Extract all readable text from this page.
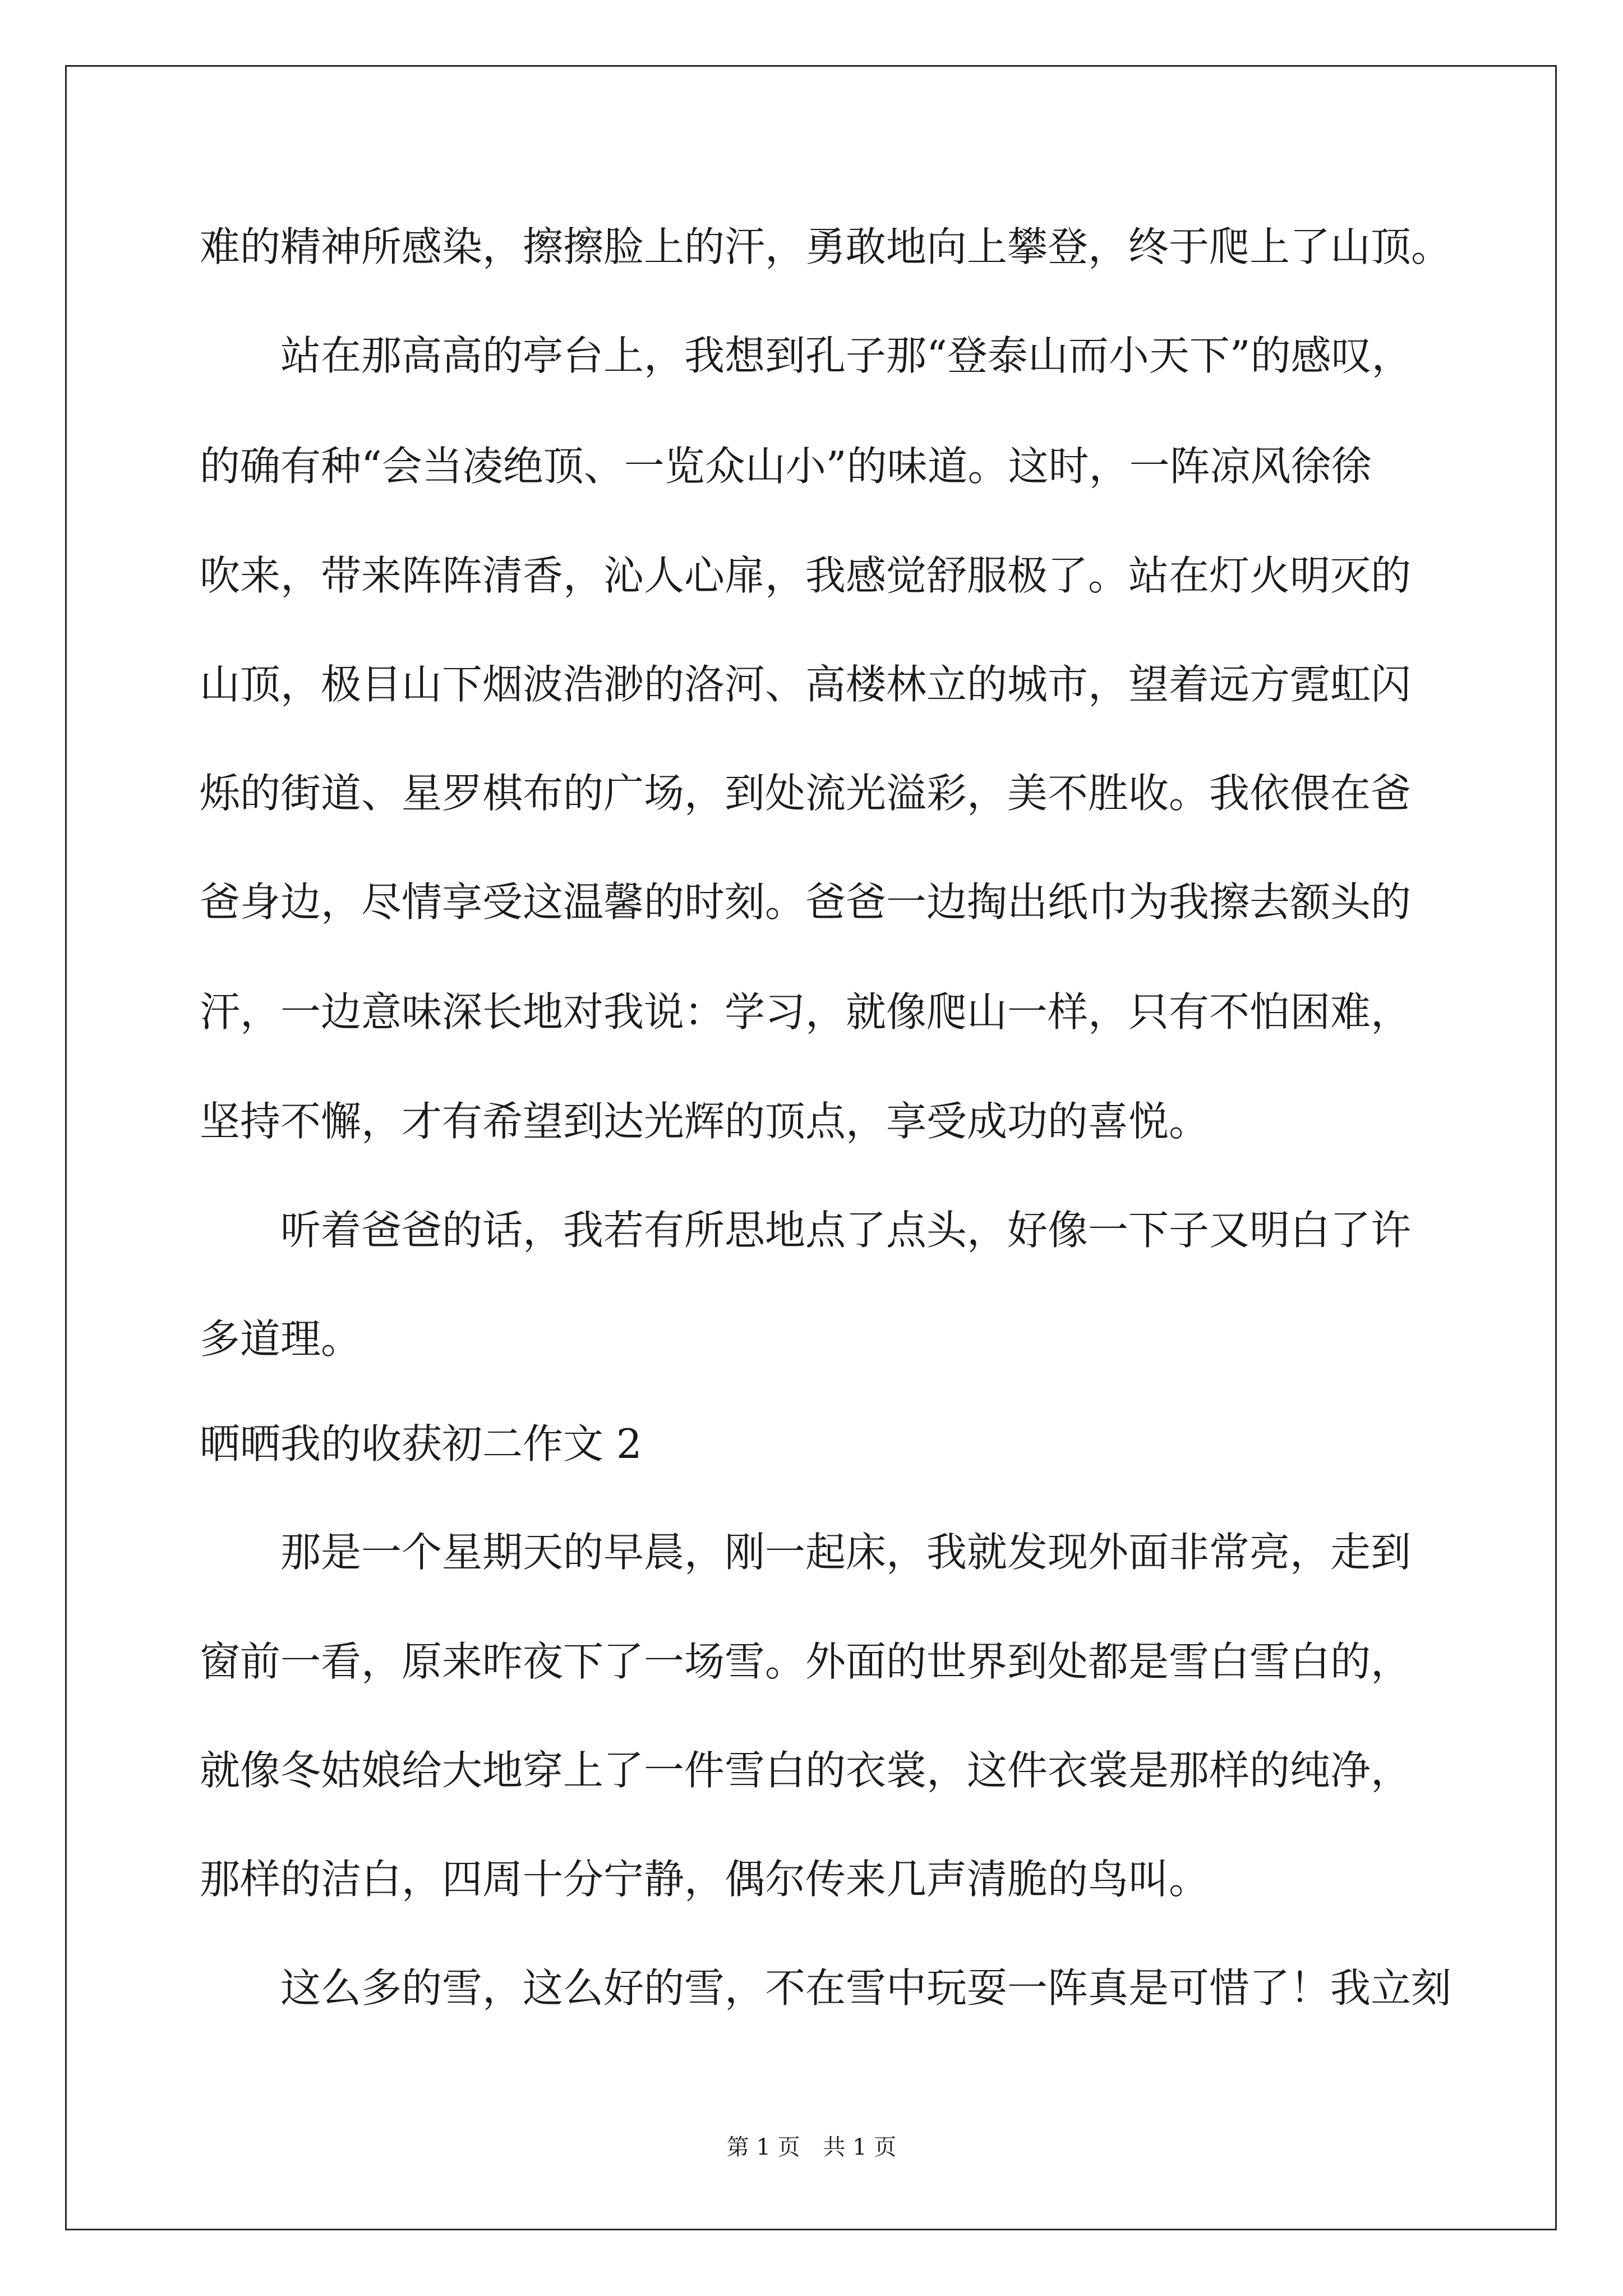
难的精神所感染，擦擦脸上的汗，勇敢地向上攀登，终于爬上了山顶。
站在那高高的亭台上，我想到孔子那“登泰山而小天下”的感叹，
的确有种“会当凌绝顶、一览众山小”的味道。这时，一阵凉风徐徐
吹来，带来阵阵清香，沁人心扉，我感觉舒服极了。站在灯火明灭的
山顶，极目山下烟波浩渺的洛河、高楼林立的城市，望着远方霓虹闪
烁的街道、星罗棋布的广场，到处流光溢彩，美不胜收。我依偎在爸
爸身边，尽情享受这温馨的时刻。爸爸一边掏出纸巾为我擦去额头的
汗，一边意味深长地对我说：学习，就像爬山一样，只有不怕困难，
坚持不懈，才有希望到达光辉的顶点，享受成功的喜悦。
听着爸爸的话，我若有所思地点了点头，好像一下子又明白了许
多道理。
晒晒我的收获初二作文 2
那是一个星期天的早晨，刚一起床，我就发现外面非常亮，走到
窗前一看，原来昨夜下了一场雪。外面的世界到处都是雪白雪白的，
就像冬姑娘给大地穿上了一件雪白的衣裳，这件衣裳是那样的纯净，
那样的洁白，四周十分宁静，偶尔传来几声清脆的鸟叫。
这么多的雪，这么好的雪，不在雪中玩耍一阵真是可惜了！我立刻
第 1 页 共 1 页
